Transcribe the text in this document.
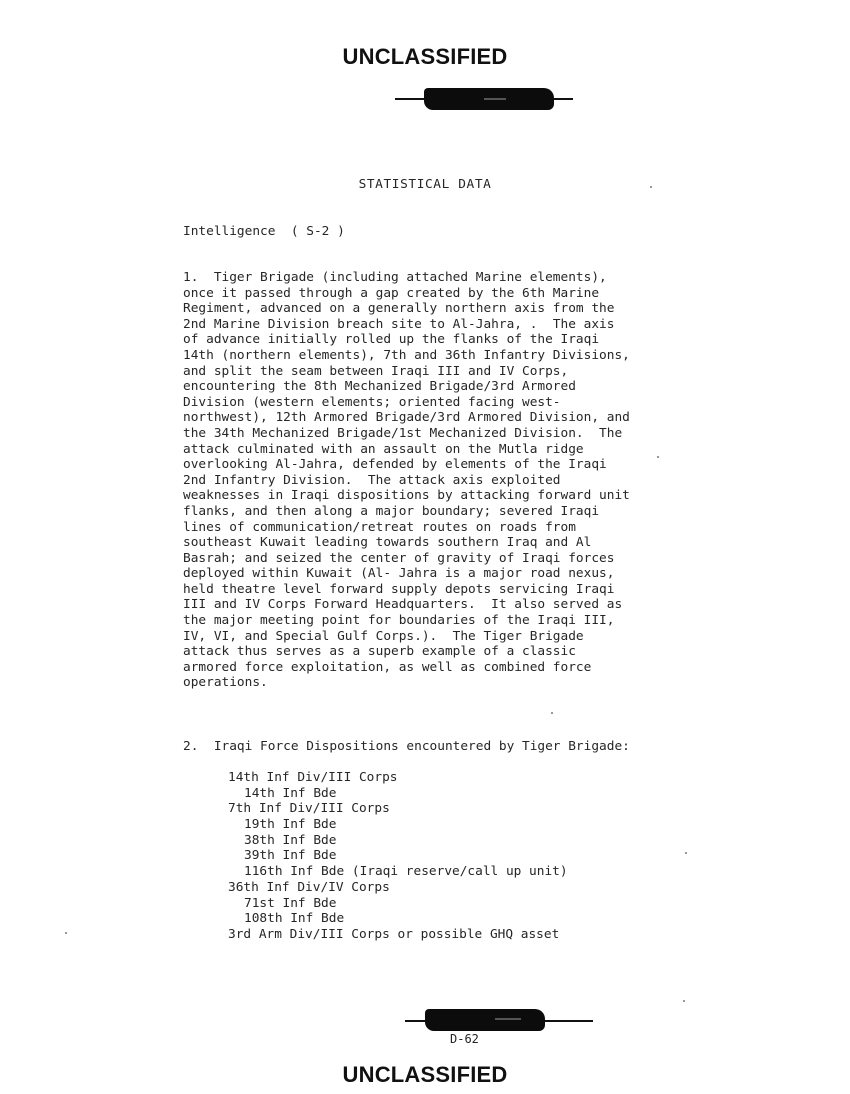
UNCLASSIFIED
STATISTICAL DATA
Intelligence  ( S-2 )
1.  Tiger Brigade (including attached Marine elements),
once it passed through a gap created by the 6th Marine
Regiment, advanced on a generally northern axis from the
2nd Marine Division breach site to Al-Jahra, .  The axis
of advance initially rolled up the flanks of the Iraqi
14th (northern elements), 7th and 36th Infantry Divisions,
and split the seam between Iraqi III and IV Corps,
encountering the 8th Mechanized Brigade/3rd Armored
Division (western elements; oriented facing west-
northwest), 12th Armored Brigade/3rd Armored Division, and
the 34th Mechanized Brigade/1st Mechanized Division.  The
attack culminated with an assault on the Mutla ridge
overlooking Al-Jahra, defended by elements of the Iraqi
2nd Infantry Division.  The attack axis exploited
weaknesses in Iraqi dispositions by attacking forward unit
flanks, and then along a major boundary; severed Iraqi
lines of communication/retreat routes on roads from
southeast Kuwait leading towards southern Iraq and Al
Basrah; and seized the center of gravity of Iraqi forces
deployed within Kuwait (Al- Jahra is a major road nexus,
held theatre level forward supply depots servicing Iraqi
III and IV Corps Forward Headquarters.  It also served as
the major meeting point for boundaries of the Iraqi III,
IV, VI, and Special Gulf Corps.).  The Tiger Brigade
attack thus serves as a superb example of a classic
armored force exploitation, as well as combined force
operations.
2.  Iraqi Force Dispositions encountered by Tiger Brigade:
14th Inf Div/III Corps
14th Inf Bde
7th Inf Div/III Corps
19th Inf Bde
38th Inf Bde
39th Inf Bde
116th Inf Bde (Iraqi reserve/call up unit)
36th Inf Div/IV Corps
71st Inf Bde
108th Inf Bde
3rd Arm Div/III Corps or possible GHQ asset
D-62
UNCLASSIFIED
